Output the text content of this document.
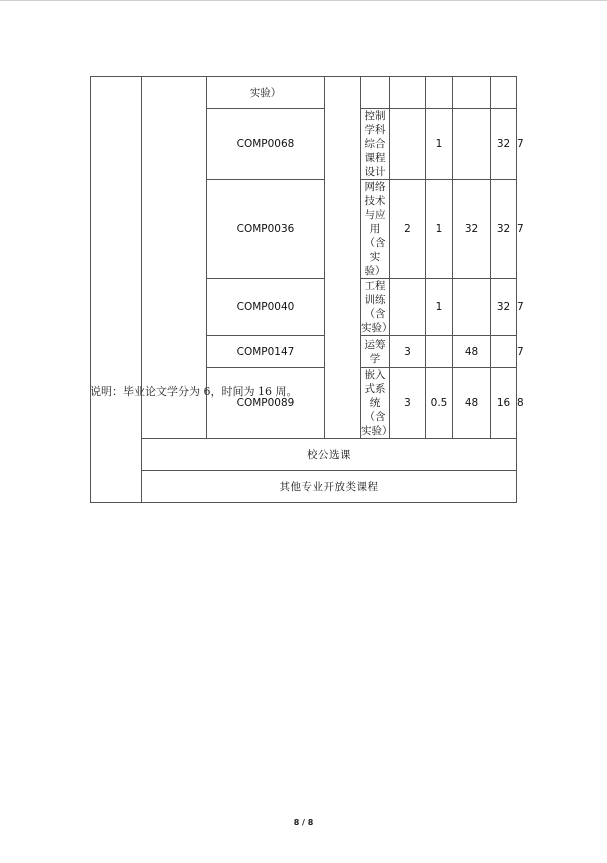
		实验）							
		COMP0068		控制学科综合课程设计		1		32	7
		COMP0036		网络技术与应用（含实
验）	2	1	32	32	7
		COMP0040		工程训练（含实验）		1		32	7
		COMP0147		运筹学	3		48		7
		COMP0089		嵌入式系统（含实验）	3	0.5	48	16	8
	校公选课								
	其他专业开放类课程								
说明：毕业论文学分为 6，时间为 16 周。
8 / 8
